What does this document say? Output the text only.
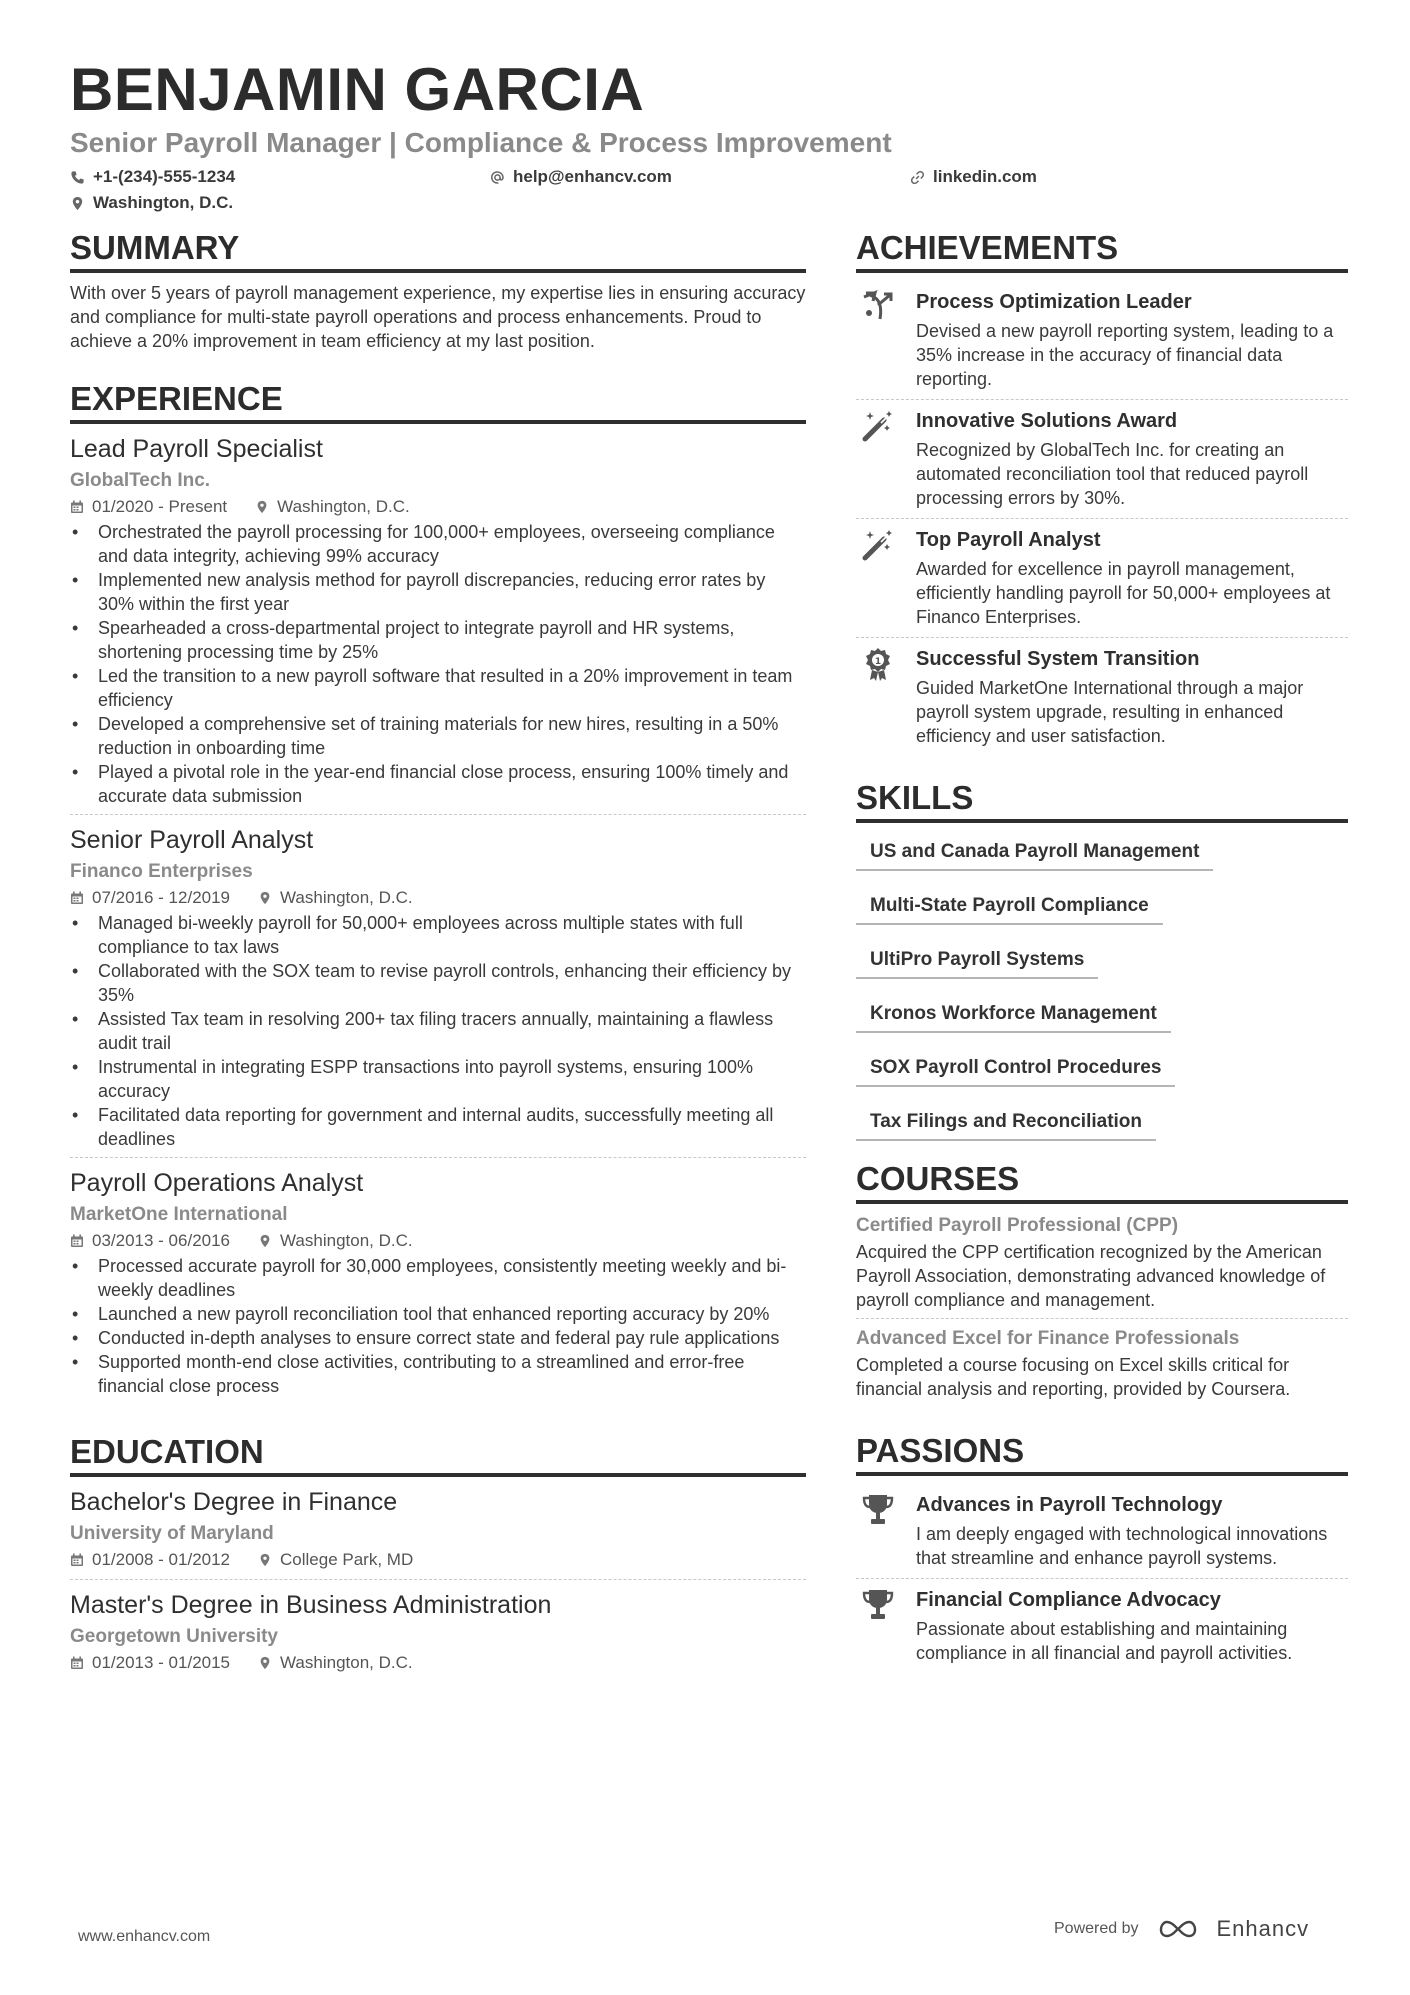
BENJAMIN GARCIA
Senior Payroll Manager | Compliance & Process Improvement
+1-(234)-555-1234	help@enhancv.com	linkedin.com
Washington, D.C.
SUMMARY
With over 5 years of payroll management experience, my expertise lies in ensuring accuracy and compliance for multi-state payroll operations and process enhancements. Proud to achieve a 20% improvement in team efficiency at my last position.
EXPERIENCE
Lead Payroll Specialist
GlobalTech Inc.
01/2020 - Present	Washington, D.C.
• Orchestrated the payroll processing for 100,000+ employees, overseeing compliance and data integrity, achieving 99% accuracy
• Implemented new analysis method for payroll discrepancies, reducing error rates by 30% within the first year
• Spearheaded a cross-departmental project to integrate payroll and HR systems, shortening processing time by 25%
• Led the transition to a new payroll software that resulted in a 20% improvement in team efficiency
• Developed a comprehensive set of training materials for new hires, resulting in a 50% reduction in onboarding time
• Played a pivotal role in the year-end financial close process, ensuring 100% timely and accurate data submission
Senior Payroll Analyst
Financo Enterprises
07/2016 - 12/2019	Washington, D.C.
• Managed bi-weekly payroll for 50,000+ employees across multiple states with full compliance to tax laws
• Collaborated with the SOX team to revise payroll controls, enhancing their efficiency by 35%
• Assisted Tax team in resolving 200+ tax filing tracers annually, maintaining a flawless audit trail
• Instrumental in integrating ESPP transactions into payroll systems, ensuring 100% accuracy
• Facilitated data reporting for government and internal audits, successfully meeting all deadlines
Payroll Operations Analyst
MarketOne International
03/2013 - 06/2016	Washington, D.C.
• Processed accurate payroll for 30,000 employees, consistently meeting weekly and bi-weekly deadlines
• Launched a new payroll reconciliation tool that enhanced reporting accuracy by 20%
• Conducted in-depth analyses to ensure correct state and federal pay rule applications
• Supported month-end close activities, contributing to a streamlined and error-free financial close process
EDUCATION
Bachelor's Degree in Finance
University of Maryland
01/2008 - 01/2012	College Park, MD
Master's Degree in Business Administration
Georgetown University
01/2013 - 01/2015	Washington, D.C.
ACHIEVEMENTS
Process Optimization Leader
Devised a new payroll reporting system, leading to a 35% increase in the accuracy of financial data reporting.
Innovative Solutions Award
Recognized by GlobalTech Inc. for creating an automated reconciliation tool that reduced payroll processing errors by 30%.
Top Payroll Analyst
Awarded for excellence in payroll management, efficiently handling payroll for 50,000+ employees at Financo Enterprises.
1 Successful System Transition
Guided MarketOne International through a major payroll system upgrade, resulting in enhanced efficiency and user satisfaction.
SKILLS
US and Canada Payroll Management
Multi-State Payroll Compliance
UltiPro Payroll Systems
Kronos Workforce Management
SOX Payroll Control Procedures
Tax Filings and Reconciliation
COURSES
Certified Payroll Professional (CPP)
Acquired the CPP certification recognized by the American Payroll Association, demonstrating advanced knowledge of payroll compliance and management.
Advanced Excel for Finance Professionals
Completed a course focusing on Excel skills critical for financial analysis and reporting, provided by Coursera.
PASSIONS
Advances in Payroll Technology
I am deeply engaged with technological innovations that streamline and enhance payroll systems.
Financial Compliance Advocacy
Passionate about establishing and maintaining compliance in all financial and payroll activities.
www.enhancv.com	Powered by	Enhancv
